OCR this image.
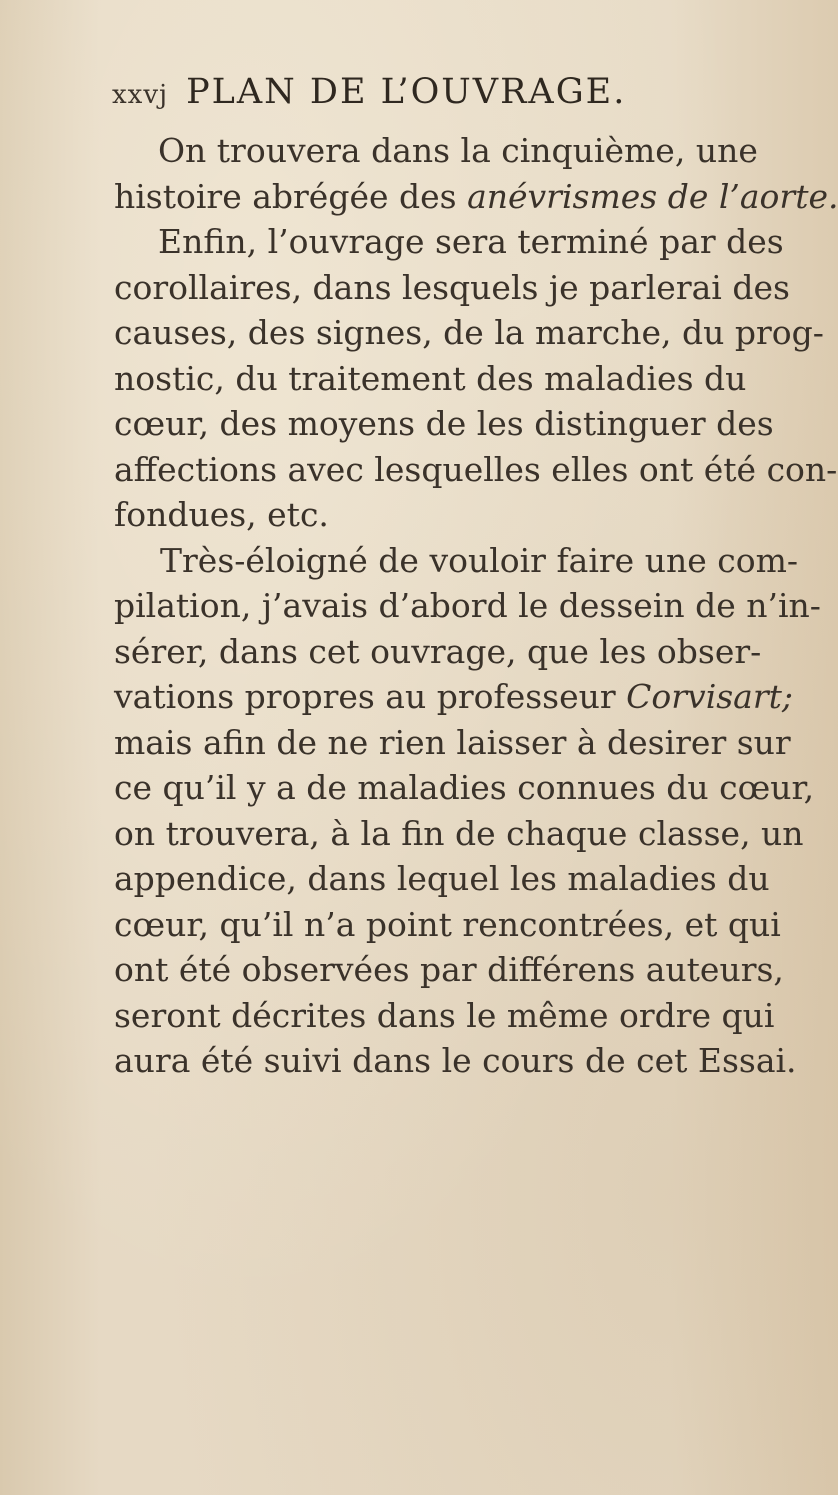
xxvj PLAN DE L’OUVRAGE.
On trouvera dans la cinquième, une
histoire abrégée des anévrismes de l’aorte.
Enfin, l’ouvrage sera terminé par des
corollaires, dans lesquels je parlerai des
causes, des signes, de la marche, du prog-
nostic, du traitement des maladies du
cœur, des moyens de les distinguer des
affections avec lesquelles elles ont été con-
fondues, etc.
Très-éloigné de vouloir faire une com-
pilation, j’avais d’abord le dessein de n’in-
sérer, dans cet ouvrage, que les obser-
vations propres au professeur Corvisart;
mais afin de ne rien laisser à desirer sur
ce qu’il y a de maladies connues du cœur,
on trouvera, à la fin de chaque classe, un
appendice, dans lequel les maladies du
cœur, qu’il n’a point rencontrées, et qui
ont été observées par différens auteurs,
seront décrites dans le même ordre qui
aura été suivi dans le cours de cet Essai.
